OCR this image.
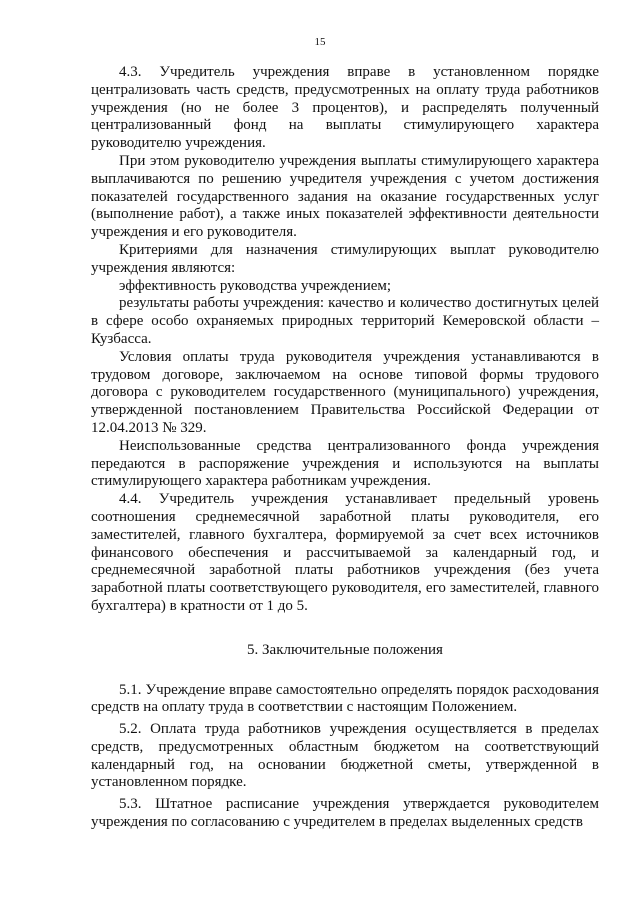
15

4.3. Учредитель учреждения вправе в установленном порядке централизовать часть средств, предусмотренных на оплату труда работников учреждения (но не более 3 процентов), и распределять полученный централизованный фонд на выплаты стимулирующего характера руководителю учреждения.

При этом руководителю учреждения выплаты стимулирующего характера выплачиваются по решению учредителя учреждения с учетом достижения показателей государственного задания на оказание государственных услуг (выполнение работ), а также иных показателей эффективности деятельности учреждения и его руководителя.

Критериями для назначения стимулирующих выплат руководителю учреждения являются:

эффективность руководства учреждением;

результаты работы учреждения: качество и количество достигнутых целей в сфере особо охраняемых природных территорий Кемеровской области – Кузбасса.

Условия оплаты труда руководителя учреждения устанавливаются в трудовом договоре, заключаемом на основе типовой формы трудового договора с руководителем государственного (муниципального) учреждения, утвержденной постановлением Правительства Российской Федерации от 12.04.2013 № 329.

Неиспользованные средства централизованного фонда учреждения передаются в распоряжение учреждения и используются на выплаты стимулирующего характера работникам учреждения.

4.4. Учредитель учреждения устанавливает предельный уровень соотношения среднемесячной заработной платы руководителя, его заместителей, главного бухгалтера, формируемой за счет всех источников финансового обеспечения и рассчитываемой за календарный год, и среднемесячной заработной платы работников учреждения (без учета заработной платы соответствующего руководителя, его заместителей, главного бухгалтера) в кратности от 1 до 5.

5. Заключительные положения

5.1. Учреждение вправе самостоятельно определять порядок расходования средств на оплату труда в соответствии с настоящим Положением.

5.2. Оплата труда работников учреждения осуществляется в пределах средств, предусмотренных областным бюджетом на соответствующий календарный год, на основании бюджетной сметы, утвержденной в установленном порядке.

5.3. Штатное расписание учреждения утверждается руководителем учреждения по согласованию с учредителем в пределах выделенных средств
